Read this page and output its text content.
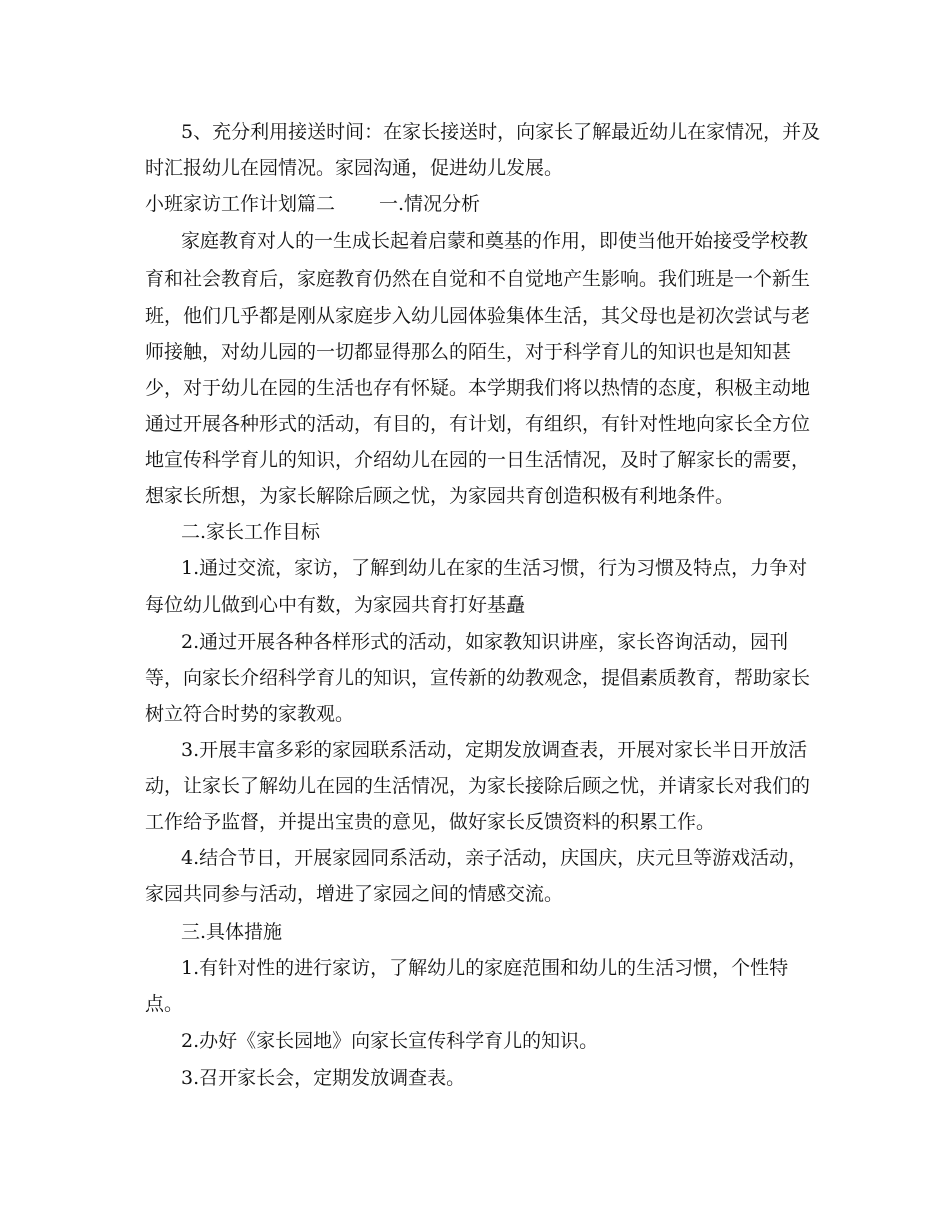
5、充分利用接送时间：在家长接送时，向家长了解最近幼儿在家情况，并及
时汇报幼儿在园情况。家园沟通，促进幼儿发展。
小班家访工作计划篇二 一.情况分析
家庭教育对人的一生成长起着启蒙和奠基的作用，即使当他开始接受学校教
育和社会教育后，家庭教育仍然在自觉和不自觉地产生影响。我们班是一个新生
班，他们几乎都是刚从家庭步入幼儿园体验集体生活，其父母也是初次尝试与老
师接触，对幼儿园的一切都显得那么的陌生，对于科学育儿的知识也是知知甚
少，对于幼儿在园的生活也存有怀疑。本学期我们将以热情的态度，积极主动地
通过开展各种形式的活动，有目的，有计划，有组织，有针对性地向家长全方位
地宣传科学育儿的知识，介绍幼儿在园的一日生活情况，及时了解家长的需要，
想家长所想，为家长解除后顾之忧，为家园共育创造积极有利地条件。
二.家长工作目标
1.通过交流，家访，了解到幼儿在家的生活习惯，行为习惯及特点，力争对
每位幼儿做到心中有数，为家园共育打好基矗
2.通过开展各种各样形式的活动，如家教知识讲座，家长咨询活动，园刊
等，向家长介绍科学育儿的知识，宣传新的幼教观念，提倡素质教育，帮助家长
树立符合时势的家教观。
3.开展丰富多彩的家园联系活动，定期发放调查表，开展对家长半日开放活
动，让家长了解幼儿在园的生活情况，为家长接除后顾之忧，并请家长对我们的
工作给予监督，并提出宝贵的意见，做好家长反馈资料的积累工作。
4.结合节日，开展家园同系活动，亲子活动，庆国庆，庆元旦等游戏活动，
家园共同参与活动，增进了家园之间的情感交流。
三.具体措施
1.有针对性的进行家访，了解幼儿的家庭范围和幼儿的生活习惯，个性特
点。
2.办好《家长园地》向家长宣传科学育儿的知识。
3.召开家长会，定期发放调查表。
